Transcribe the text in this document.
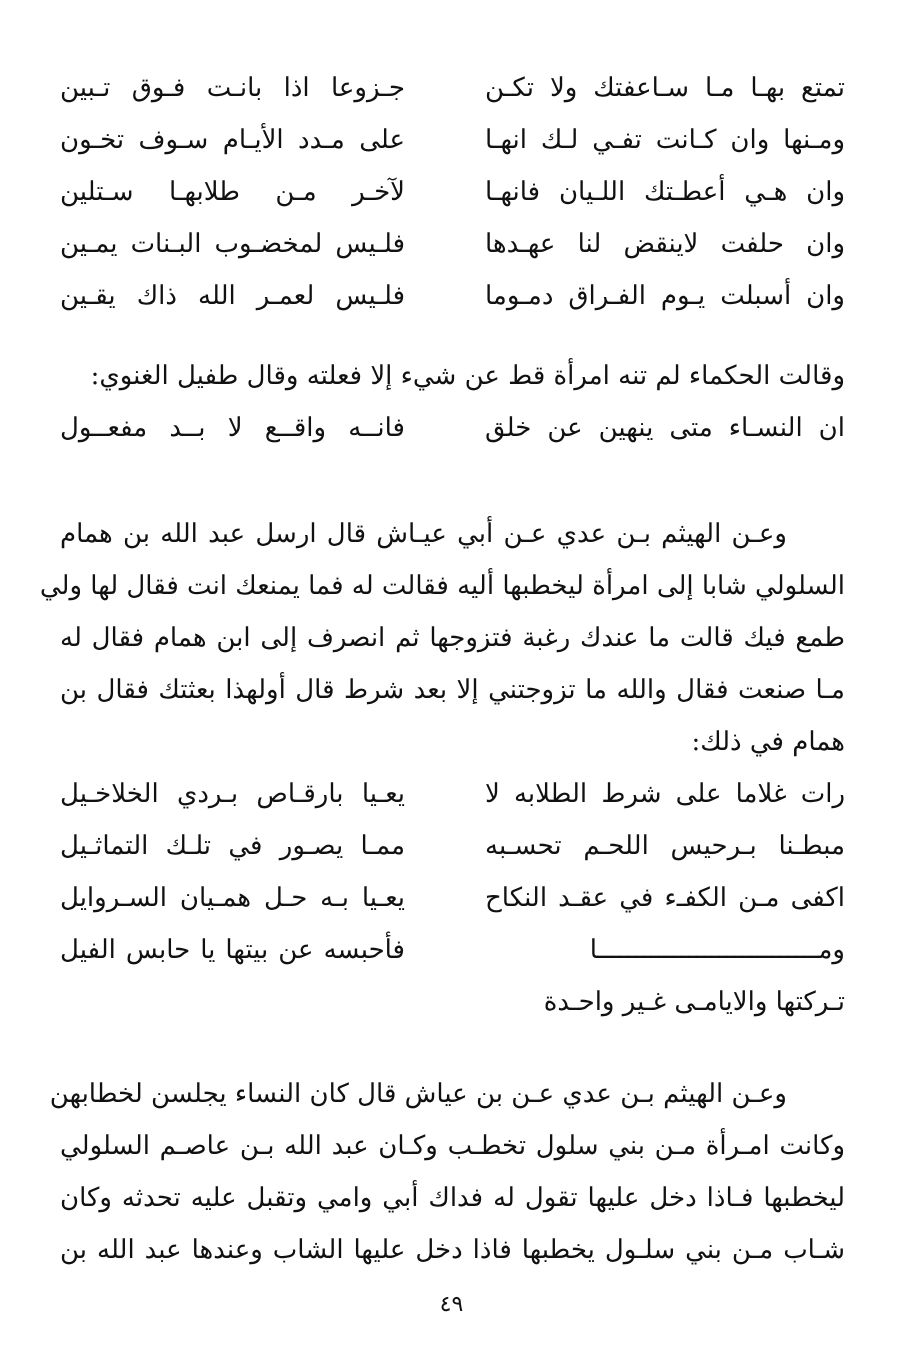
تمتع بهـا مـا سـاعفتك ولا تكـن
جـزوعا اذا بانـت فـوق تـبين
ومـنها وان كـانت تفـي لـك انهـا
على مـدد الأيـام سـوف تخـون
وان هـي أعطـتك اللـيان فانهـا
لآخـر مـن طلابهـا سـتلين
وان حلفت لاينقض لنا عهـدها
فلـيس لمخضـوب البـنات يمـين
وان أسبلت يـوم الفـراق دمـوما
فلـيس لعمـر الله ذاك يقـين
وقالت الحكماء لم تنه امرأة قط عن شيء إلا فعلته وقال طفيل الغنوي:
ان النسـاء متى ينهين عن خلق
فانــه واقــع لا بــد مفعــول
وعـن الهيثم بـن عدي عـن أبي عيـاش قال ارسل عبد الله بن همام
السلولي شابا إلى امرأة ليخطبها أليه فقالت له فما يمنعك انت فقال لها ولي
طمع فيك قالت ما عندك رغبة فتزوجها ثم انصرف إلى ابن همام فقال له
مـا صنعت فقال والله ما تزوجتني إلا بعد شرط قال أولهذا بعثتك فقال بن
همام في ذلك:
رات غلاما على شرط الطلابه لا
يعـيا بارقـاص بـردي الخلاخـيل
مبطـنا بـرحيس اللحـم تحسـبه
ممـا يصـور في تلـك التماثـيل
اكفى مـن الكفـء في عقـد النكاح
يعـيا بـه حـل همـيان السـروايل
ومـــــــــــــــــــــــــــــا
فأحبسه عن بيتها يا حابس الفيل
تـركتها والايامـى غـير واحـدة
وعـن الهيثم بـن عدي عـن بن عياش قال كان النساء يجلسن لخطابهن
وكانت امـرأة مـن بني سلول تخطـب وكـان عبد الله بـن عاصـم السلولي
ليخطبها فـاذا دخل عليها تقول له فداك أبي وامي وتقبل عليه تحدثه وكان
شـاب مـن بني سلـول يخطبها فاذا دخل عليها الشاب وعندها عبد الله بن
٤٩
